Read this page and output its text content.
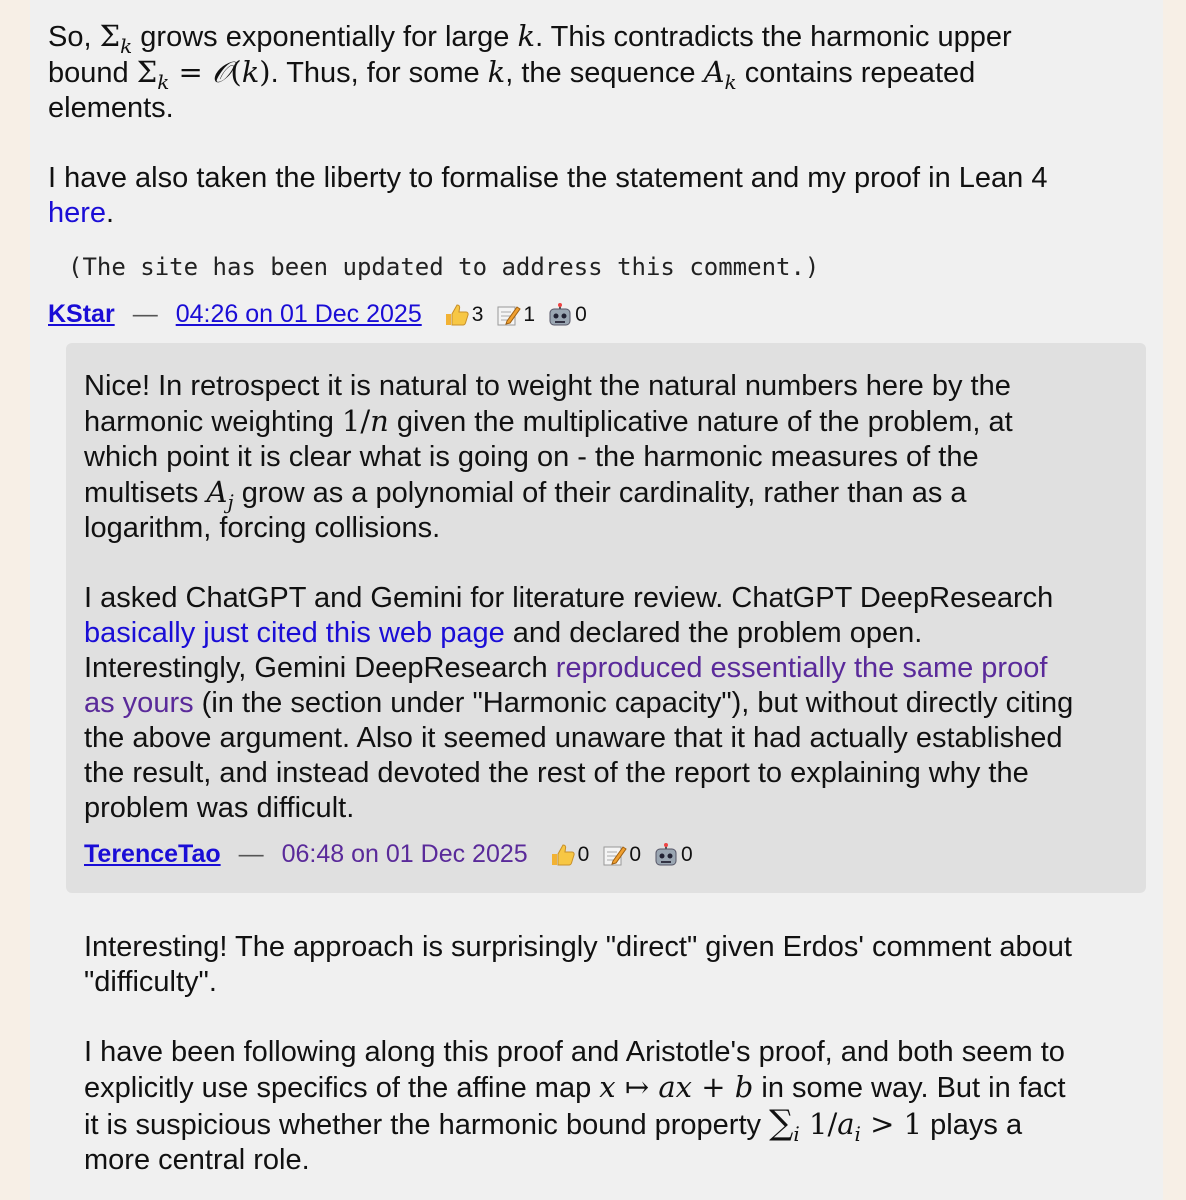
So, $\Sigma_k$ grows exponentially for large k. This contradicts the harmonic upper
bound $\Sigma_k$ = 𝒪(k). Thus, for some k, the sequence $A_k$ contains repeated
elements.
I have also taken the liberty to formalise the statement and my proof in Lean 4
here.
(The site has been updated to address this comment.)
KStar — 04:26 on 01 Dec 2025 3 1 0
Nice! In retrospect it is natural to weight the natural numbers here by the
harmonic weighting 1/n given the multiplicative nature of the problem, at
which point it is clear what is going on - the harmonic measures of the
multisets $A_j$ grow as a polynomial of their cardinality, rather than as a
logarithm, forcing collisions.
I asked ChatGPT and Gemini for literature review. ChatGPT DeepResearch
basically just cited this web page and declared the problem open.
Interestingly, Gemini DeepResearch reproduced essentially the same proof
as yours (in the section under "Harmonic capacity"), but without directly citing
the above argument. Also it seemed unaware that it had actually established
the result, and instead devoted the rest of the report to explaining why the
problem was difficult.
TerenceTao — 06:48 on 01 Dec 2025 0 0 0
Interesting! The approach is surprisingly "direct" given Erdos' comment about
"difficulty".
I have been following along this proof and Aristotle's proof, and both seem to
explicitly use specifics of the affine map x ↦ ax + b in some way. But in fact
it is suspicious whether the harmonic bound property $\sum_i$ $1/a_i > 1$ plays a
more central role.
